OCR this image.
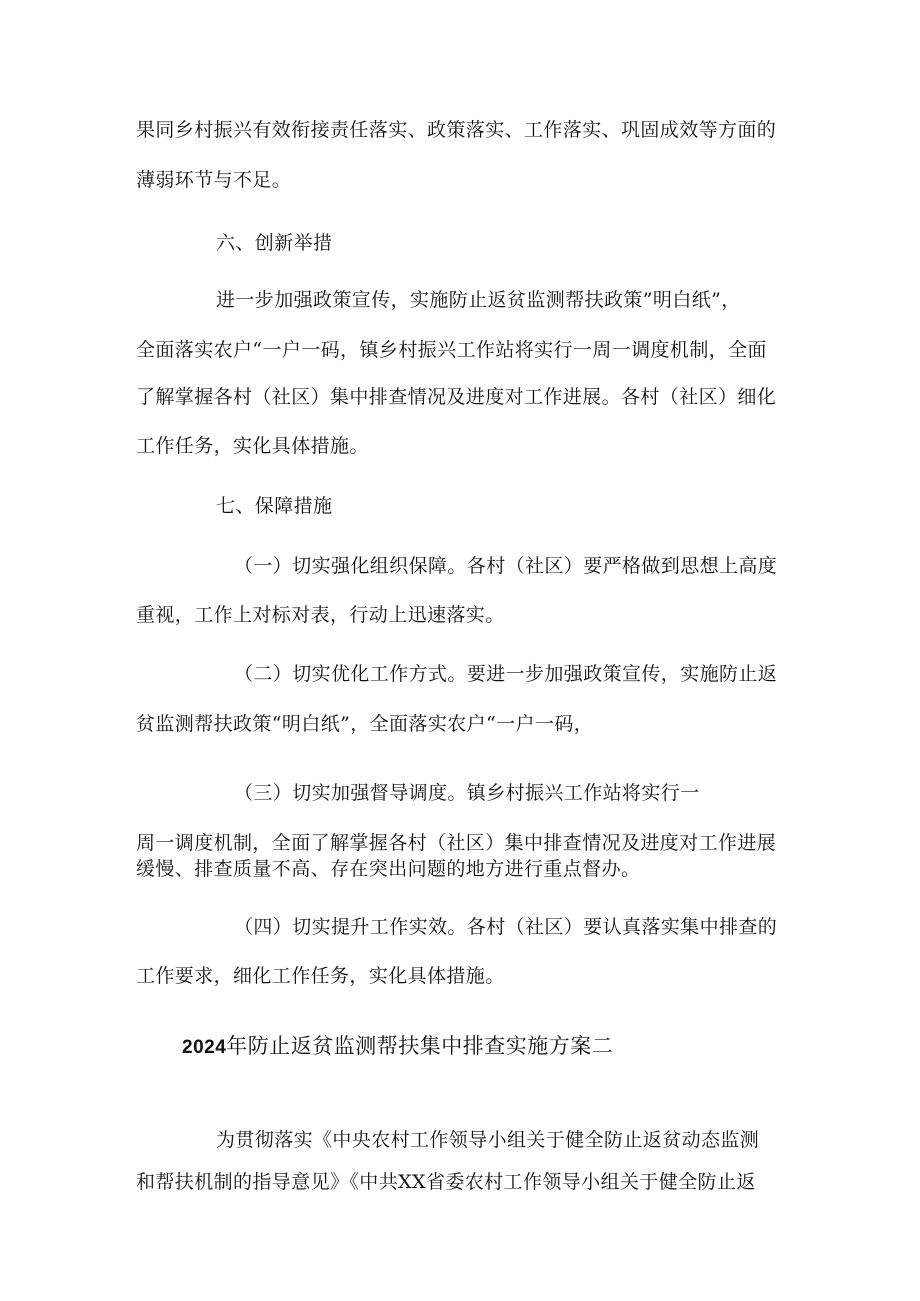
果同乡村振兴有效衔接责任落实、政策落实、工作落实、巩固成效等方面的
薄弱环节与不足。
六、创新举措
进一步加强政策宣传，实施防止返贫监测帮扶政策”明白纸”，
全面落实农户“一户一码，镇乡村振兴工作站将实行一周一调度机制，全面
了解掌握各村（社区）集中排查情况及进度对工作进展。各村（社区）细化
工作任务，实化具体措施。
七、保障措施
（一）切实强化组织保障。各村（社区）要严格做到思想上高度
重视，工作上对标对表，行动上迅速落实。
（二）切实优化工作方式。要进一步加强政策宣传，实施防止返
贫监测帮扶政策“明白纸”，全面落实农户“一户一码，
（三）切实加强督导调度。镇乡村振兴工作站将实行一
周一调度机制，全面了解掌握各村（社区）集中排查情况及进度对工作进展
缓慢、排查质量不高、存在突出问题的地方进行重点督办。
（四）切实提升工作实效。各村（社区）要认真落实集中排查的
工作要求，细化工作任务，实化具体措施。
2024年防止返贫监测帮扶集中排查实施方案二
为贯彻落实《中央农村工作领导小组关于健全防止返贫动态监测
和帮扶机制的指导意见》《中共XX省委农村工作领导小组关于健全防止返
